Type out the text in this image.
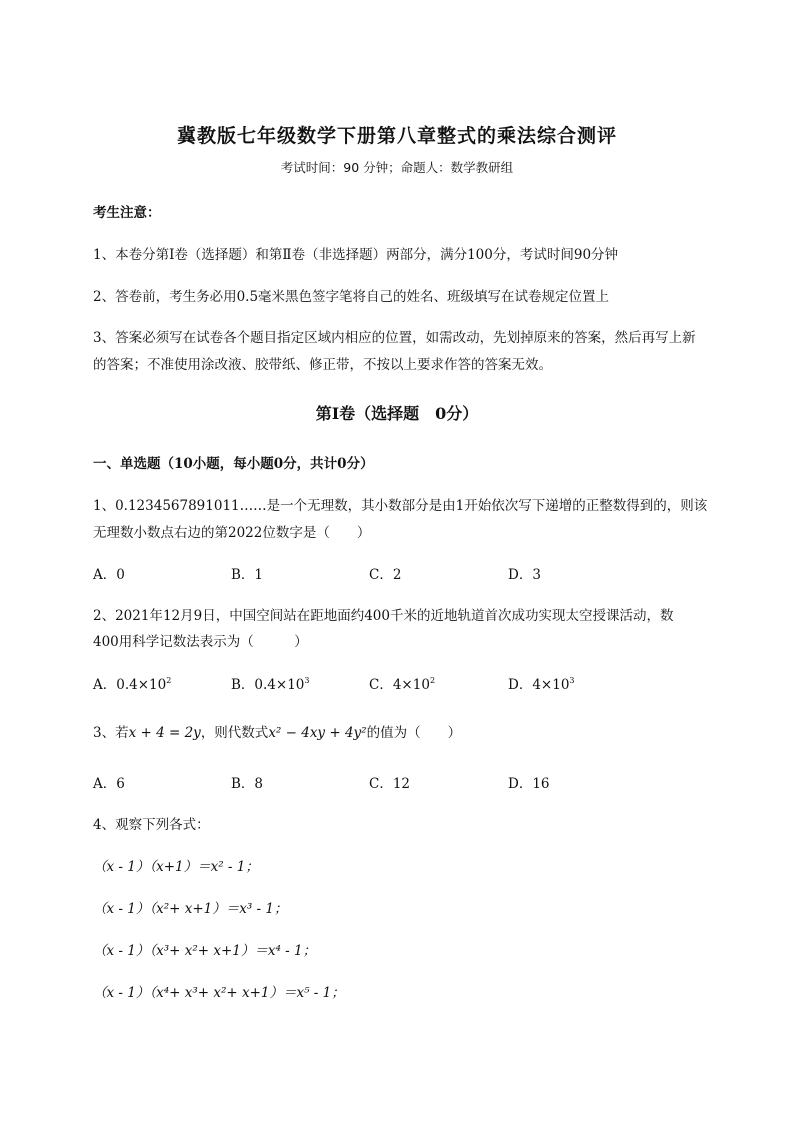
冀教版七年级数学下册第八章整式的乘法综合测评
考试时间：90 分钟；命题人：数学教研组
考生注意：
1、本卷分第Ⅰ卷（选择题）和第Ⅱ卷（非选择题）两部分，满分100分，考试时间90分钟
2、答卷前，考生务必用0.5毫米黑色签字笔将自己的姓名、班级填写在试卷规定位置上
3、答案必须写在试卷各个题目指定区域内相应的位置，如需改动，先划掉原来的答案，然后再写上新
的答案；不准使用涂改液、胶带纸、修正带，不按以上要求作答的答案无效。
第Ⅰ卷（选择题　0分）
一、单选题（10小题，每小题0分，共计0分）
1、0.1234567891011……是一个无理数，其小数部分是由1开始依次写下递增的正整数得到的，则该
无理数小数点右边的第2022位数字是（　　）
A．0	B．1	C．2	D．3
2、2021年12月9日，中国空间站在距地面约400千米的近地轨道首次成功实现太空授课活动，数
400用科学记数法表示为（　　　）
A．$0.4\times 10^2$	B．$0.4\times 10^3$	C．$4\times 10^2$	D．$4\times 10^3$
3、若x + 4 = 2y，则代数式x² − 4xy + 4y²的值为（　　）
A．6	B．8	C．12	D．16
4、观察下列各式：
（x - 1）（x+1）＝x² - 1；
（x - 1）（x²+ x+1）＝x³ - 1；
（x - 1）（x³+ x²+ x+1）＝x⁴ - 1；
（x - 1）（x⁴+ x³+ x²+ x+1）＝x⁵ - 1；
